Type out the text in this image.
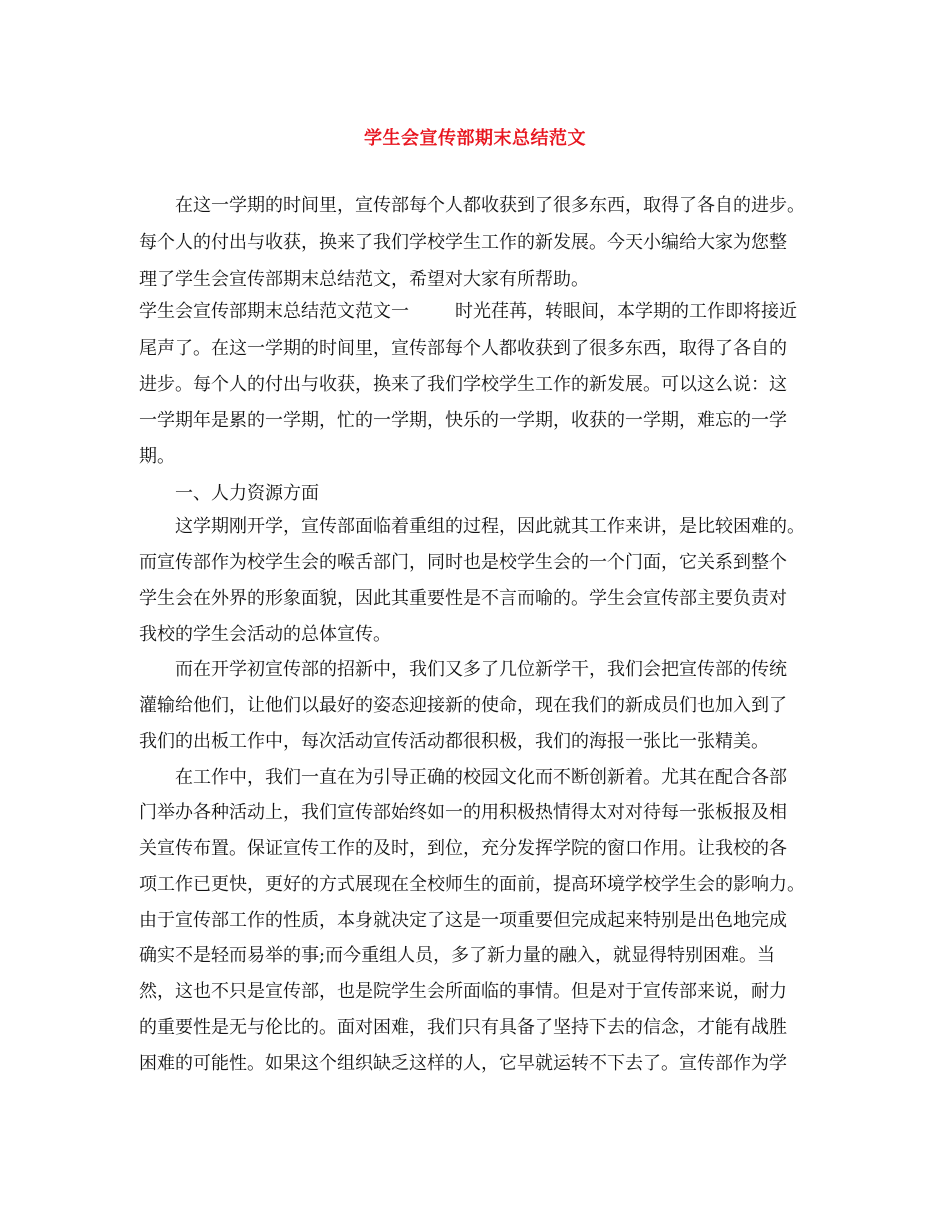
学生会宣传部期末总结范文
在这一学期的时间里，宣传部每个人都收获到了很多东西，取得了各自的进步。
每个人的付出与收获，换来了我们学校学生工作的新发展。今天小编给大家为您整
理了学生会宣传部期末总结范文，希望对大家有所帮助。
学生会宣传部期末总结范文范文一	时光荏苒，转眼间，本学期的工作即将接近
尾声了。在这一学期的时间里，宣传部每个人都收获到了很多东西，取得了各自的
进步。每个人的付出与收获，换来了我们学校学生工作的新发展。可以这么说：这
一学期年是累的一学期，忙的一学期，快乐的一学期，收获的一学期，难忘的一学
期。
一、人力资源方面
这学期刚开学，宣传部面临着重组的过程，因此就其工作来讲，是比较困难的。
而宣传部作为校学生会的喉舌部门，同时也是校学生会的一个门面，它关系到整个
学生会在外界的形象面貌，因此其重要性是不言而喻的。学生会宣传部主要负责对
我校的学生会活动的总体宣传。
而在开学初宣传部的招新中，我们又多了几位新学干，我们会把宣传部的传统
灌输给他们，让他们以最好的姿态迎接新的使命，现在我们的新成员们也加入到了
我们的出板工作中，每次活动宣传活动都很积极，我们的海报一张比一张精美。
在工作中，我们一直在为引导正确的校园文化而不断创新着。尤其在配合各部
门举办各种活动上，我们宣传部始终如一的用积极热情得太对对待每一张板报及相
关宣传布置。保证宣传工作的及时，到位，充分发挥学院的窗口作用。让我校的各
项工作已更快，更好的方式展现在全校师生的面前，提高环境学校学生会的影响力。
由于宣传部工作的性质，本身就决定了这是一项重要但完成起来特别是出色地完成
确实不是轻而易举的事;而今重组人员，多了新力量的融入，就显得特别困难。当
然，这也不只是宣传部，也是院学生会所面临的事情。但是对于宣传部来说，耐力
的重要性是无与伦比的。面对困难，我们只有具备了坚持下去的信念，才能有战胜
困难的可能性。如果这个组织缺乏这样的人，它早就运转不下去了。宣传部作为学
